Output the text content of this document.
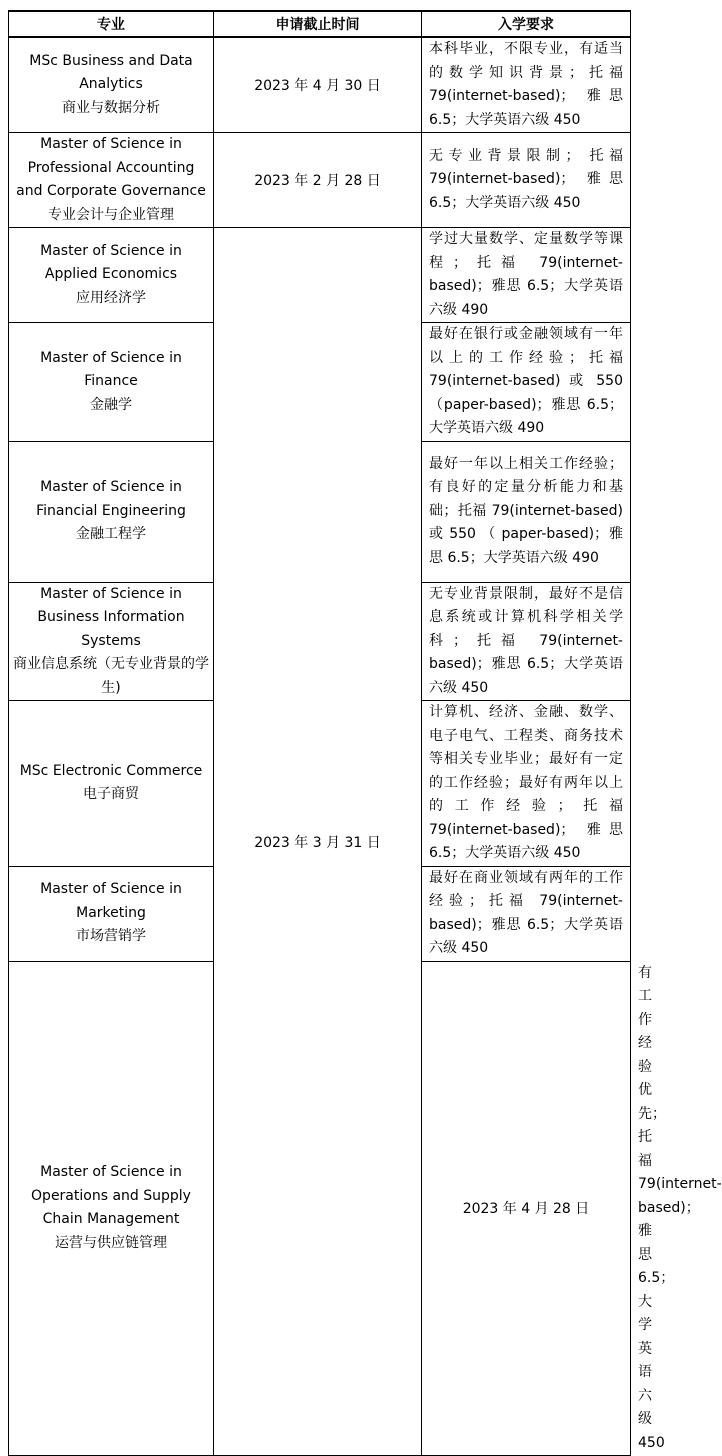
专业	申请截止时间	入学要求	

MSc Business and Data
Analytics
商业与数据分析	2023 年 4 月 30 日	本科毕业，不限专业，有适当的数学知识背景；托福 79(internet-based)； 雅思 6.5；大学英语六级 450	

Master of Science in
Professional Accounting
and Corporate Governance
专业会计与企业管理	2023 年 2 月 28 日	无专业背景限制； 托福 79(internet-based)； 雅思 6.5；大学英语六级 450	

Master of Science in
Applied Economics
应用经济学	2023 年 3 月 31 日	学过大量数学、定量数学等课程；托福 79(internet-based)；雅思 6.5；大学英语六级 490	

Master of Science in
Finance
金融学		最好在银行或金融领域有一年以上的工作经验；托福 79(internet-based) 或 550 （paper-based)；雅思 6.5；大学英语六级 490	

Master of Science in
Financial Engineering
金融工程学		最好一年以上相关工作经验；有良好的定量分析能力和基础；托福 79(internet-based) 或 550 （ paper-based)；雅思 6.5；大学英语六级 490	

Master of Science in
Business Information
Systems
商业信息系统（无专业背景的学生)		无专业背景限制，最好不是信息系统或计算机科学相关学科；托福 79(internet-based)；雅思 6.5；大学英语六级 450	

MSc Electronic Commerce
电子商贸		计算机、经济、金融、数学、电子电气、工程类、商务技术等相关专业毕业；最好有一定的工作经验；最好有两年以上的工作经验；托福 79(internet-based)； 雅思 6.5；大学英语六级 450	

Master of Science in
Marketing
市场营销学		最好在商业领域有两年的工作经验；托福 79(internet-based)；雅思 6.5；大学英语六级 450	

Master of Science in
Operations and Supply
Chain Management
运营与供应链管理		2023 年 4 月 28 日	有工作经验优先；托福 79(internet-based)； 雅思 6.5；大学英语六级 450
